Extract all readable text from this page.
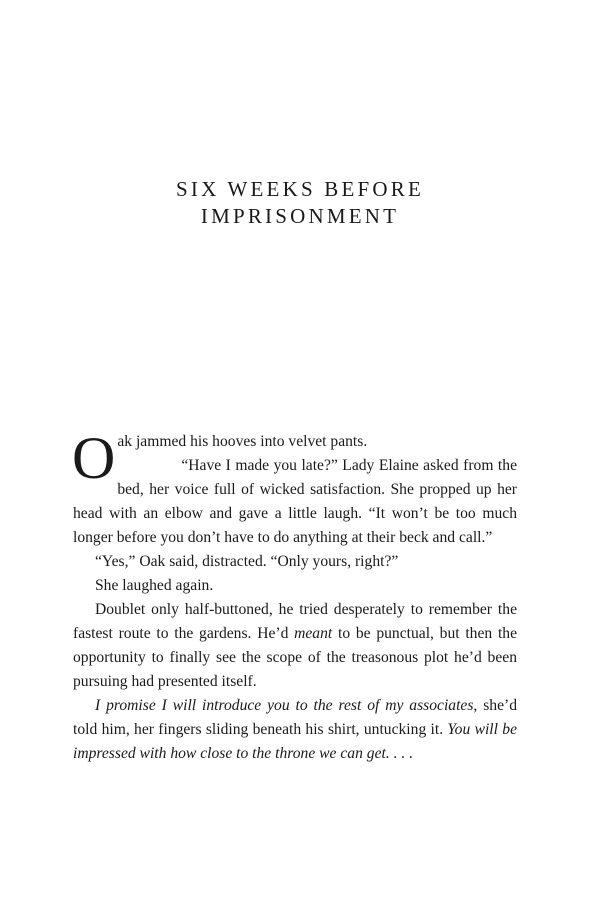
SIX WEEKS BEFORE
IMPRISONMENT

Oak jammed his hooves into velvet pants.

“Have I made you late?” Lady Elaine asked from the bed, her voice full of wicked satisfaction. She propped up her head with an elbow and gave a little laugh. “It won’t be too much longer before you don’t have to do anything at their beck and call.”

“Yes,” Oak said, distracted. “Only yours, right?”

She laughed again.

Doublet only half-buttoned, he tried desperately to remember the fastest route to the gardens. He’d meant to be punctual, but then the opportunity to finally see the scope of the treasonous plot he’d been pursuing had presented itself.

I promise I will introduce you to the rest of my associates, she’d told him, her fingers sliding beneath his shirt, untucking it. You will be impressed with how close to the throne we can get. . . .
